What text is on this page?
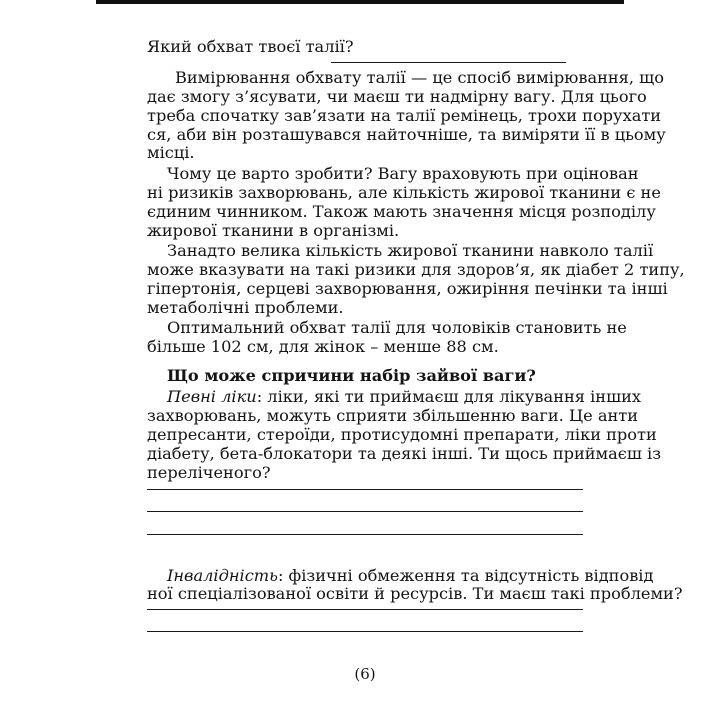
Який обхват твоєї талії?
Вимірювання обхвату талії — це спосіб вимірювання, що
дає змогу з’ясувати, чи маєш ти надмірну вагу. Для цього
треба спочатку зав’язати на талії ремінець, трохи порухати
ся, аби він розташувався найточніше, та виміряти її в цьому
місці.
Чому це варто зробити? Вагу враховують при оцінован
ні ризиків захворювань, але кількість жирової тканини є не
єдиним чинником. Також мають значення місця розподілу
жирової тканини в організмі.
Занадто велика кількість жирової тканини навколо талії
може вказувати на такі ризики для здоров’я, як діабет 2 типу,
гіпертонія, серцеві захворювання, ожиріння печінки та інші
метаболічні проблеми.
Оптимальний обхват талії для чоловіків становить не
більше 102 см, для жінок – менше 88 см.
Що може спричини набір зайвої ваги?
Певні ліки: ліки, які ти приймаєш для лікування інших
захворювань, можуть сприяти збільшенню ваги. Це анти
депресанти, стероїди, протисудомні препарати, ліки проти
діабету, бета-блокатори та деякі інші. Ти щось приймаєш із
переліченого?
(6)
Інвалідність: фізичні обмеження та відсутність відповід
ної спеціалізованої освіти й ресурсів. Ти маєш такі проблеми?
